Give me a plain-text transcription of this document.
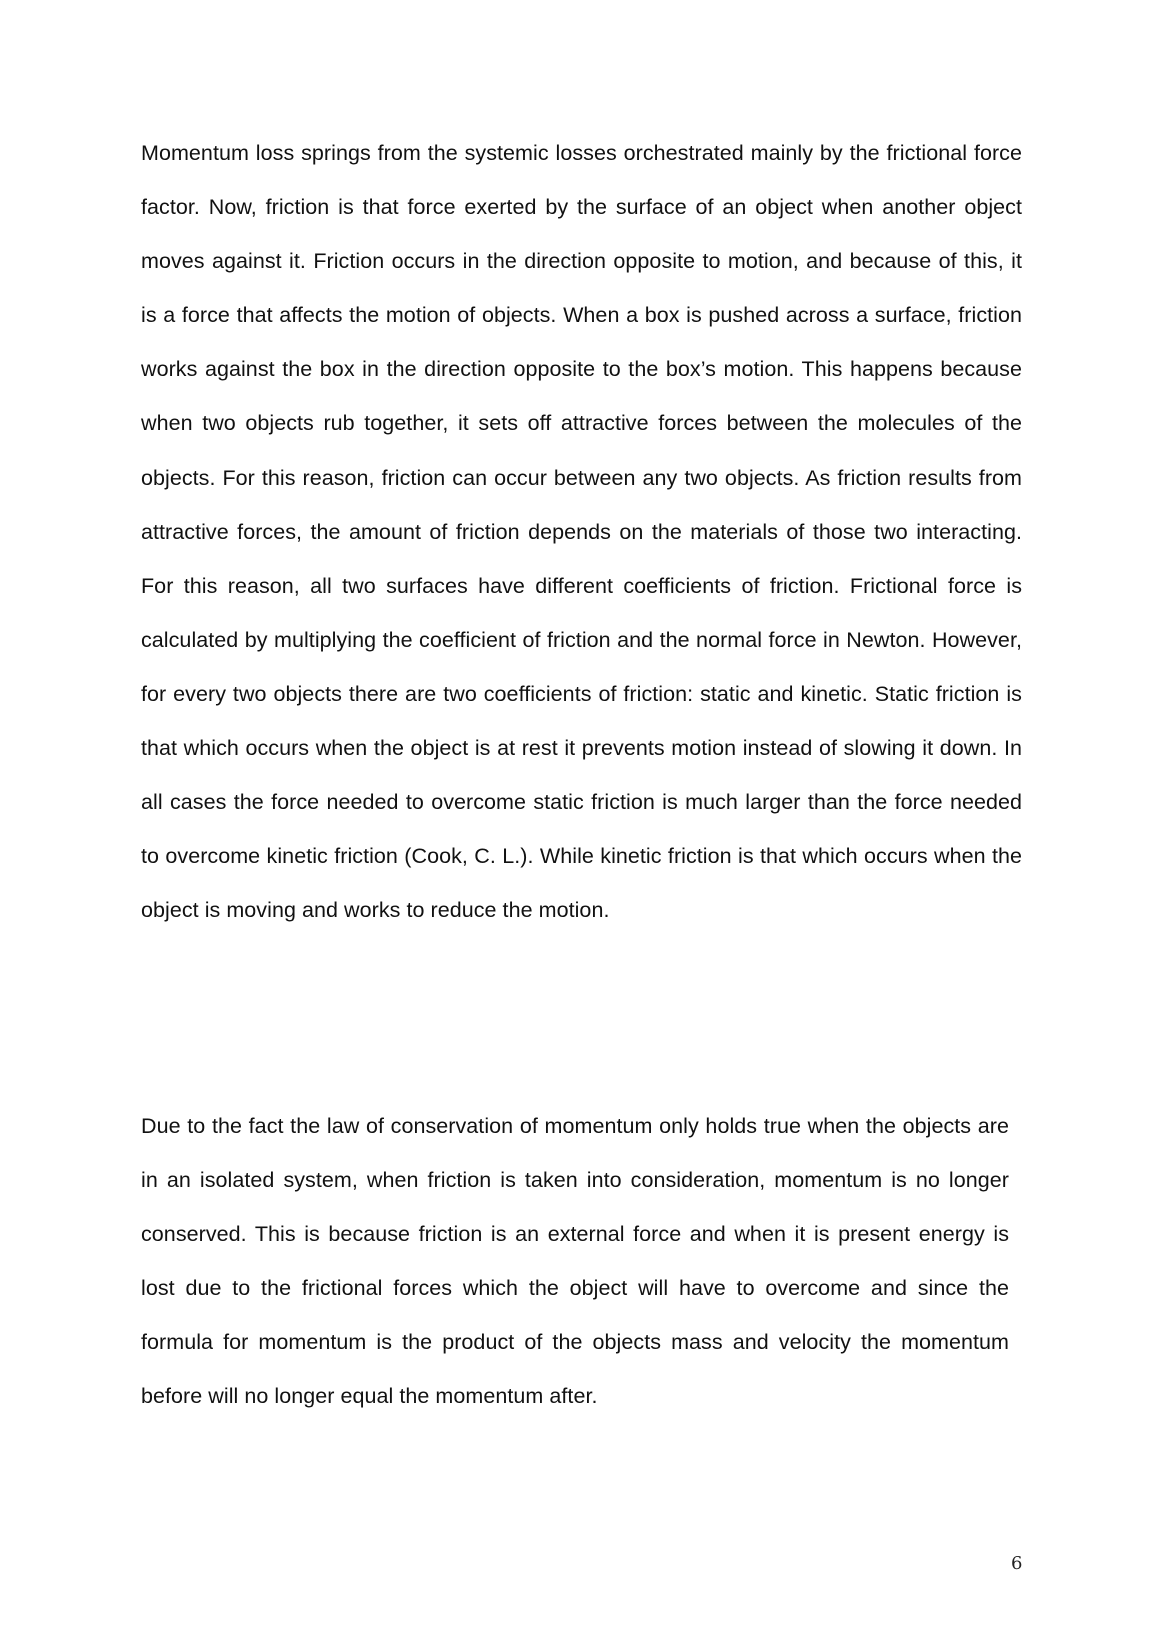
Momentum loss springs from the systemic losses orchestrated mainly by the frictional force factor. Now, friction is that force exerted by the surface of an object when another object moves against it. Friction occurs in the direction opposite to motion, and because of this, it is a force that affects the motion of objects. When a box is pushed across a surface, friction works against the box in the direction opposite to the box’s motion. This happens because when two objects rub together, it sets off attractive forces between the molecules of the objects. For this reason, friction can occur between any two objects. As friction results from attractive forces, the amount of friction depends on the materials of those two interacting. For this reason, all two surfaces have different coefficients of friction. Frictional force is calculated by multiplying the coefficient of friction and the normal force in Newton. However, for every two objects there are two coefficients of friction: static and kinetic. Static friction is that which occurs when the object is at rest it prevents motion instead of slowing it down. In all cases the force needed to overcome static friction is much larger than the force needed to overcome kinetic friction (Cook, C. L.). While kinetic friction is that which occurs when the object is moving and works to reduce the motion.

Due to the fact the law of conservation of momentum only holds true when the objects are in an isolated system, when friction is taken into consideration, momentum is no longer conserved. This is because friction is an external force and when it is present energy is lost due to the frictional forces which the object will have to overcome and since the formula for momentum is the product of the objects mass and velocity the momentum before will no longer equal the momentum after.

6
